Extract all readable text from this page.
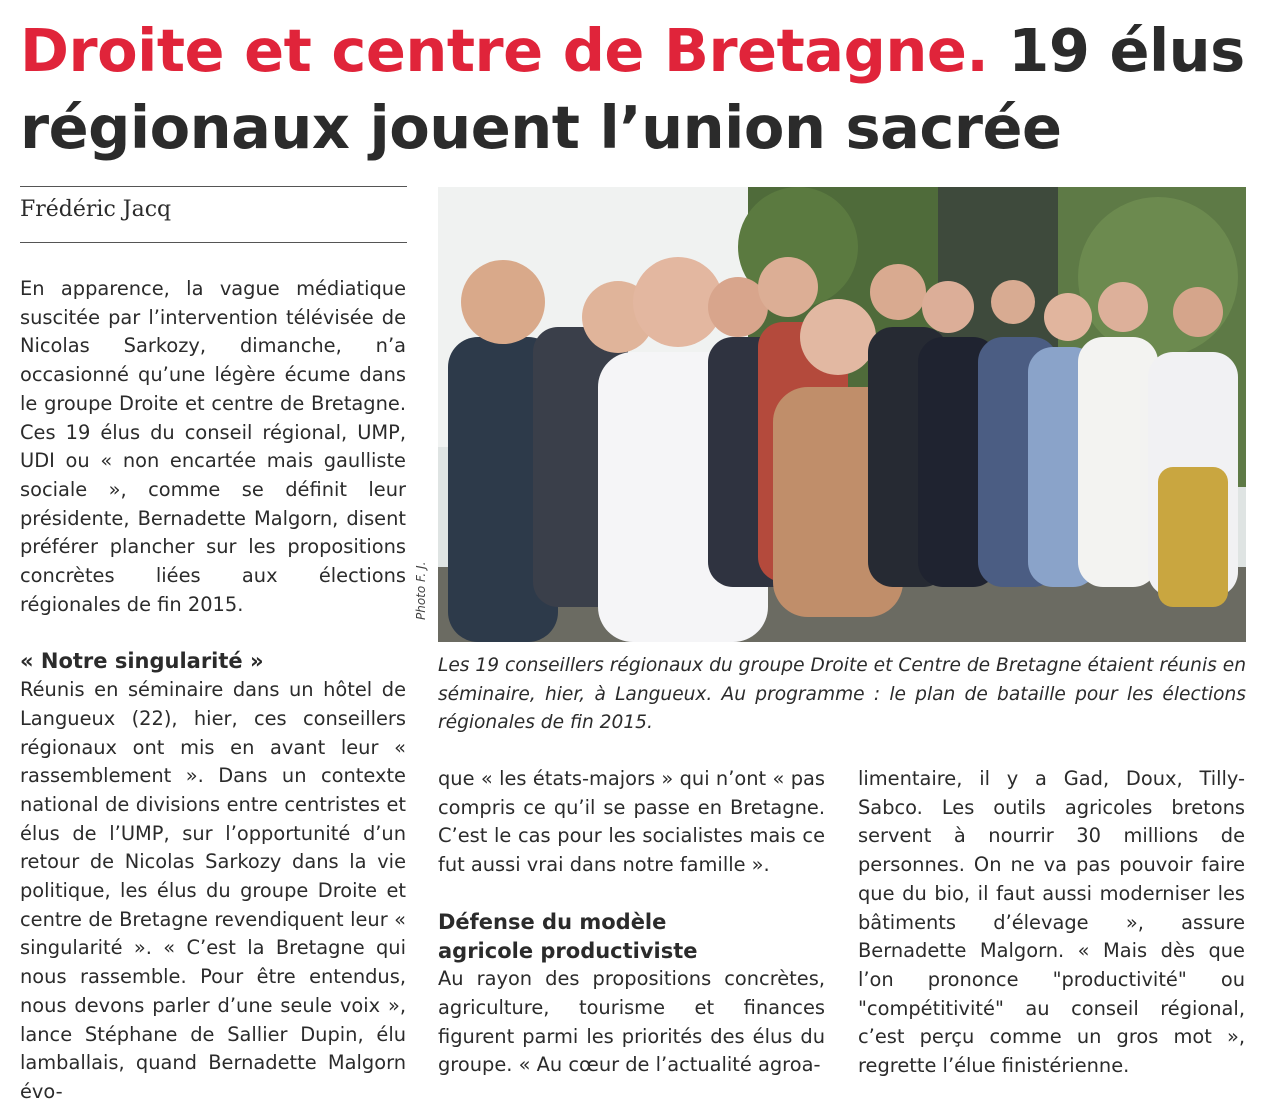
Droite et centre de Bretagne. 19 élus régionaux jouent l’union sacrée
Frédéric Jacq

En apparence, la vague médiatique suscitée par l’intervention télévisée de Nicolas Sarkozy, dimanche, n’a occasionné qu’une légère écume dans le groupe Droite et centre de Bretagne. Ces 19 élus du conseil régional, UMP, UDI ou « non encartée mais gaulliste sociale », comme se définit leur présidente, Bernadette Malgorn, disent préférer plancher sur les propositions concrètes liées aux élections régionales de fin 2015.

« Notre singularité »

Réunis en séminaire dans un hôtel de Langueux (22), hier, ces conseillers régionaux ont mis en avant leur « rassemblement ». Dans un contexte national de divisions entre centristes et élus de l’UMP, sur l’opportunité d’un retour de Nicolas Sarkozy dans la vie politique, les élus du groupe Droite et centre de Bretagne revendiquent leur « singularité ». « C’est la Bretagne qui nous rassemble. Pour être entendus, nous devons parler d’une seule voix », lance Stéphane de Sallier Dupin, élu lamballais, quand Bernadette Malgorn évo-

Photo F. J.

Les 19 conseillers régionaux du groupe Droite et Centre de Bretagne étaient réunis en séminaire, hier, à Langueux. Au programme : le plan de bataille pour les élections régionales de fin 2015.

que « les états-majors » qui n’ont « pas compris ce qu’il se passe en Bretagne. C’est le cas pour les socialistes mais ce fut aussi vrai dans notre famille ».

Défense du modèle

agricole productiviste

Au rayon des propositions concrètes, agriculture, tourisme et finances figurent parmi les priorités des élus du groupe. « Au cœur de l’actualité agroa-

limentaire, il y a Gad, Doux, Tilly-Sabco. Les outils agricoles bretons servent à nourrir 30 millions de personnes. On ne va pas pouvoir faire que du bio, il faut aussi moderniser les bâtiments d’élevage », assure Bernadette Malgorn. « Mais dès que l’on prononce "productivité" ou "compétitivité" au conseil régional, c’est perçu comme un gros mot », regrette l’élue finistérienne.
